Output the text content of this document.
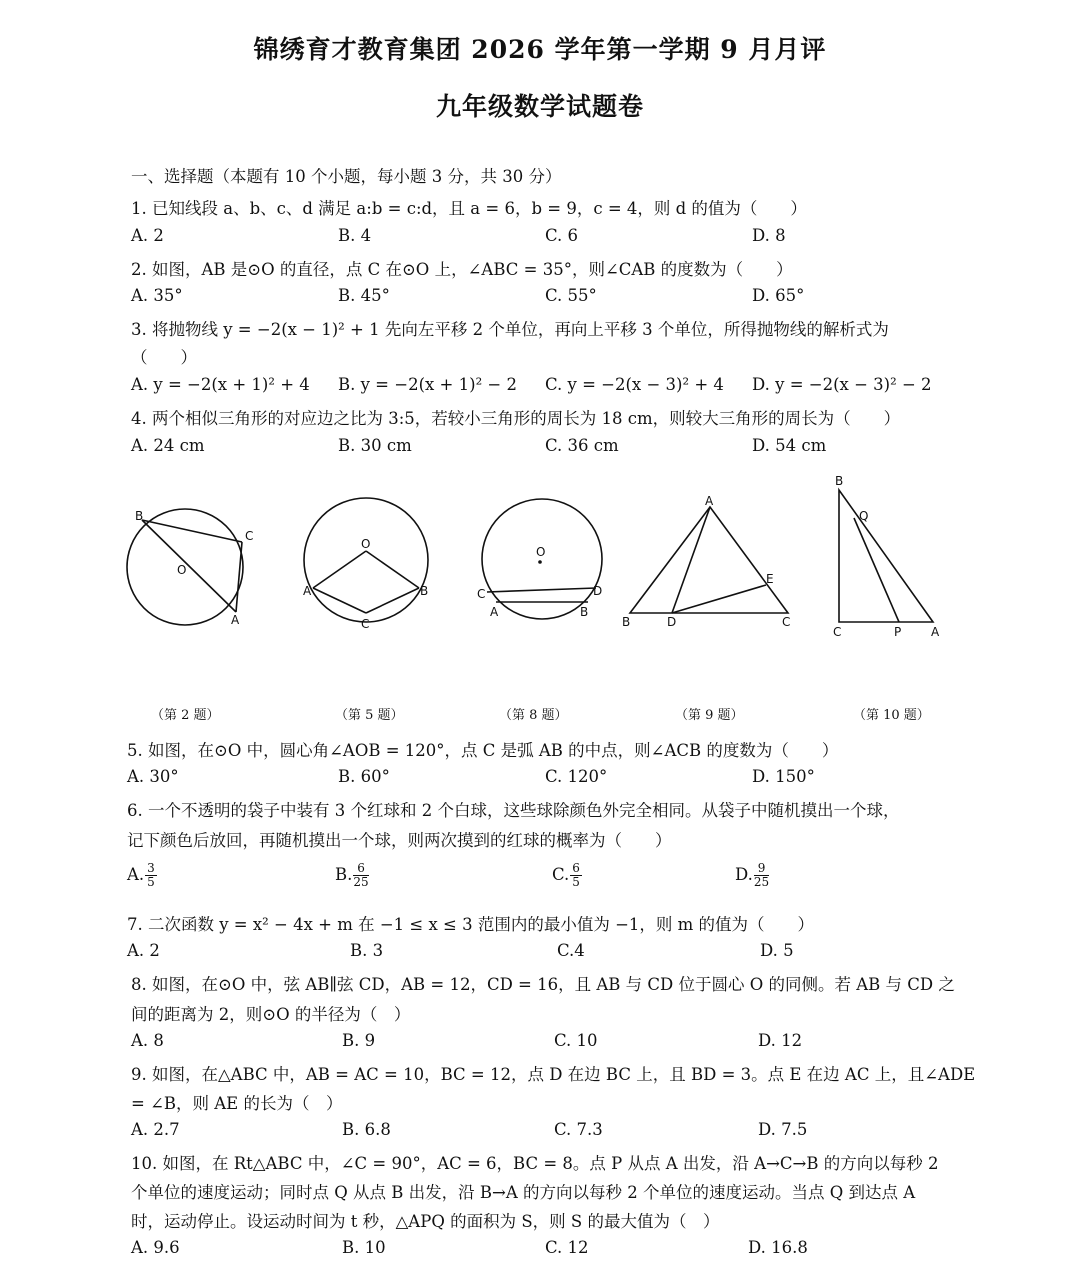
锦绣育才教育集团 2026 学年第一学期 9 月月评
九年级数学试题卷
一、选择题（本题有 10 个小题，每小题 3 分，共 30 分）
1. 已知线段 a、b、c、d 满足 a:b = c:d，且 a = 6，b = 9，c = 4，则 d 的值为（　　）
A. 2	B. 4	C. 6	D. 8
2. 如图，AB 是⊙O 的直径，点 C 在⊙O 上，∠ABC = 35°，则∠CAB 的度数为（　　）
A. 35°	B. 45°	C. 55°	D. 65°
3. 将抛物线 y = −2(x − 1)² + 1 先向左平移 2 个单位，再向上平移 3 个单位，所得抛物线的解析式为
（　　）
A. y = −2(x + 1)² + 4 B. y = −2(x + 1)² − 2 C. y = −2(x − 3)² + 4 D. y = −2(x − 3)² − 2
4. 两个相似三角形的对应边之比为 3:5，若较小三角形的周长为 18 cm，则较大三角形的周长为（　　）
A. 24 cm	B. 30 cm	C. 36 cm	D. 54 cm
B
C
O
A
O
A	B
C
O
C	D
A	B
A
B	C
D
E
B
Q
C	P A
（第 2 题）	（第 5 题）	（第 8 题）	（第 9 题）	（第 10 题）
5. 如图，在⊙O 中，圆心角∠AOB = 120°，点 C 是弧 AB 的中点，则∠ACB 的度数为（　　）
A. 30°	B. 60°	C. 120°	D. 150°
6. 一个不透明的袋子中装有 3 个红球和 2 个白球，这些球除颜色外完全相同。从袋子中随机摸出一个球，
记下颜色后放回，再随机摸出一个球，则两次摸到的红球的概率为（　　）
A. $\frac{3}{5}$	B. $\frac{6}{25}$	C. $\frac{6}{5}$	D. $\frac{9}{25}$
7. 二次函数 y = x² − 4x + m 在 −1 ≤ x ≤ 3 范围内的最小值为 −1，则 m 的值为（　　）
A. 2	B. 3	C.4	D. 5
8. 如图，在⊙O 中，弦 AB∥弦 CD，AB = 12，CD = 16，且 AB 与 CD 位于圆心 O 的同侧。若 AB 与 CD 之
间的距离为 2，则⊙O 的半径为（　）
A. 8	B. 9	C. 10	D. 12
9. 如图，在△ABC 中，AB = AC = 10，BC = 12，点 D 在边 BC 上，且 BD = 3。点 E 在边 AC 上，且∠ADE
= ∠B，则 AE 的长为（　）
A. 2.7	B. 6.8	C. 7.3	D. 7.5
10. 如图，在 Rt△ABC 中，∠C = 90°，AC = 6，BC = 8。点 P 从点 A 出发，沿 A→C→B 的方向以每秒 2
个单位的速度运动；同时点 Q 从点 B 出发，沿 B→A 的方向以每秒 2 个单位的速度运动。当点 Q 到达点 A
时，运动停止。设运动时间为 t 秒，△APQ 的面积为 S，则 S 的最大值为（　）
A. 9.6	B. 10	C. 12	D. 16.8
